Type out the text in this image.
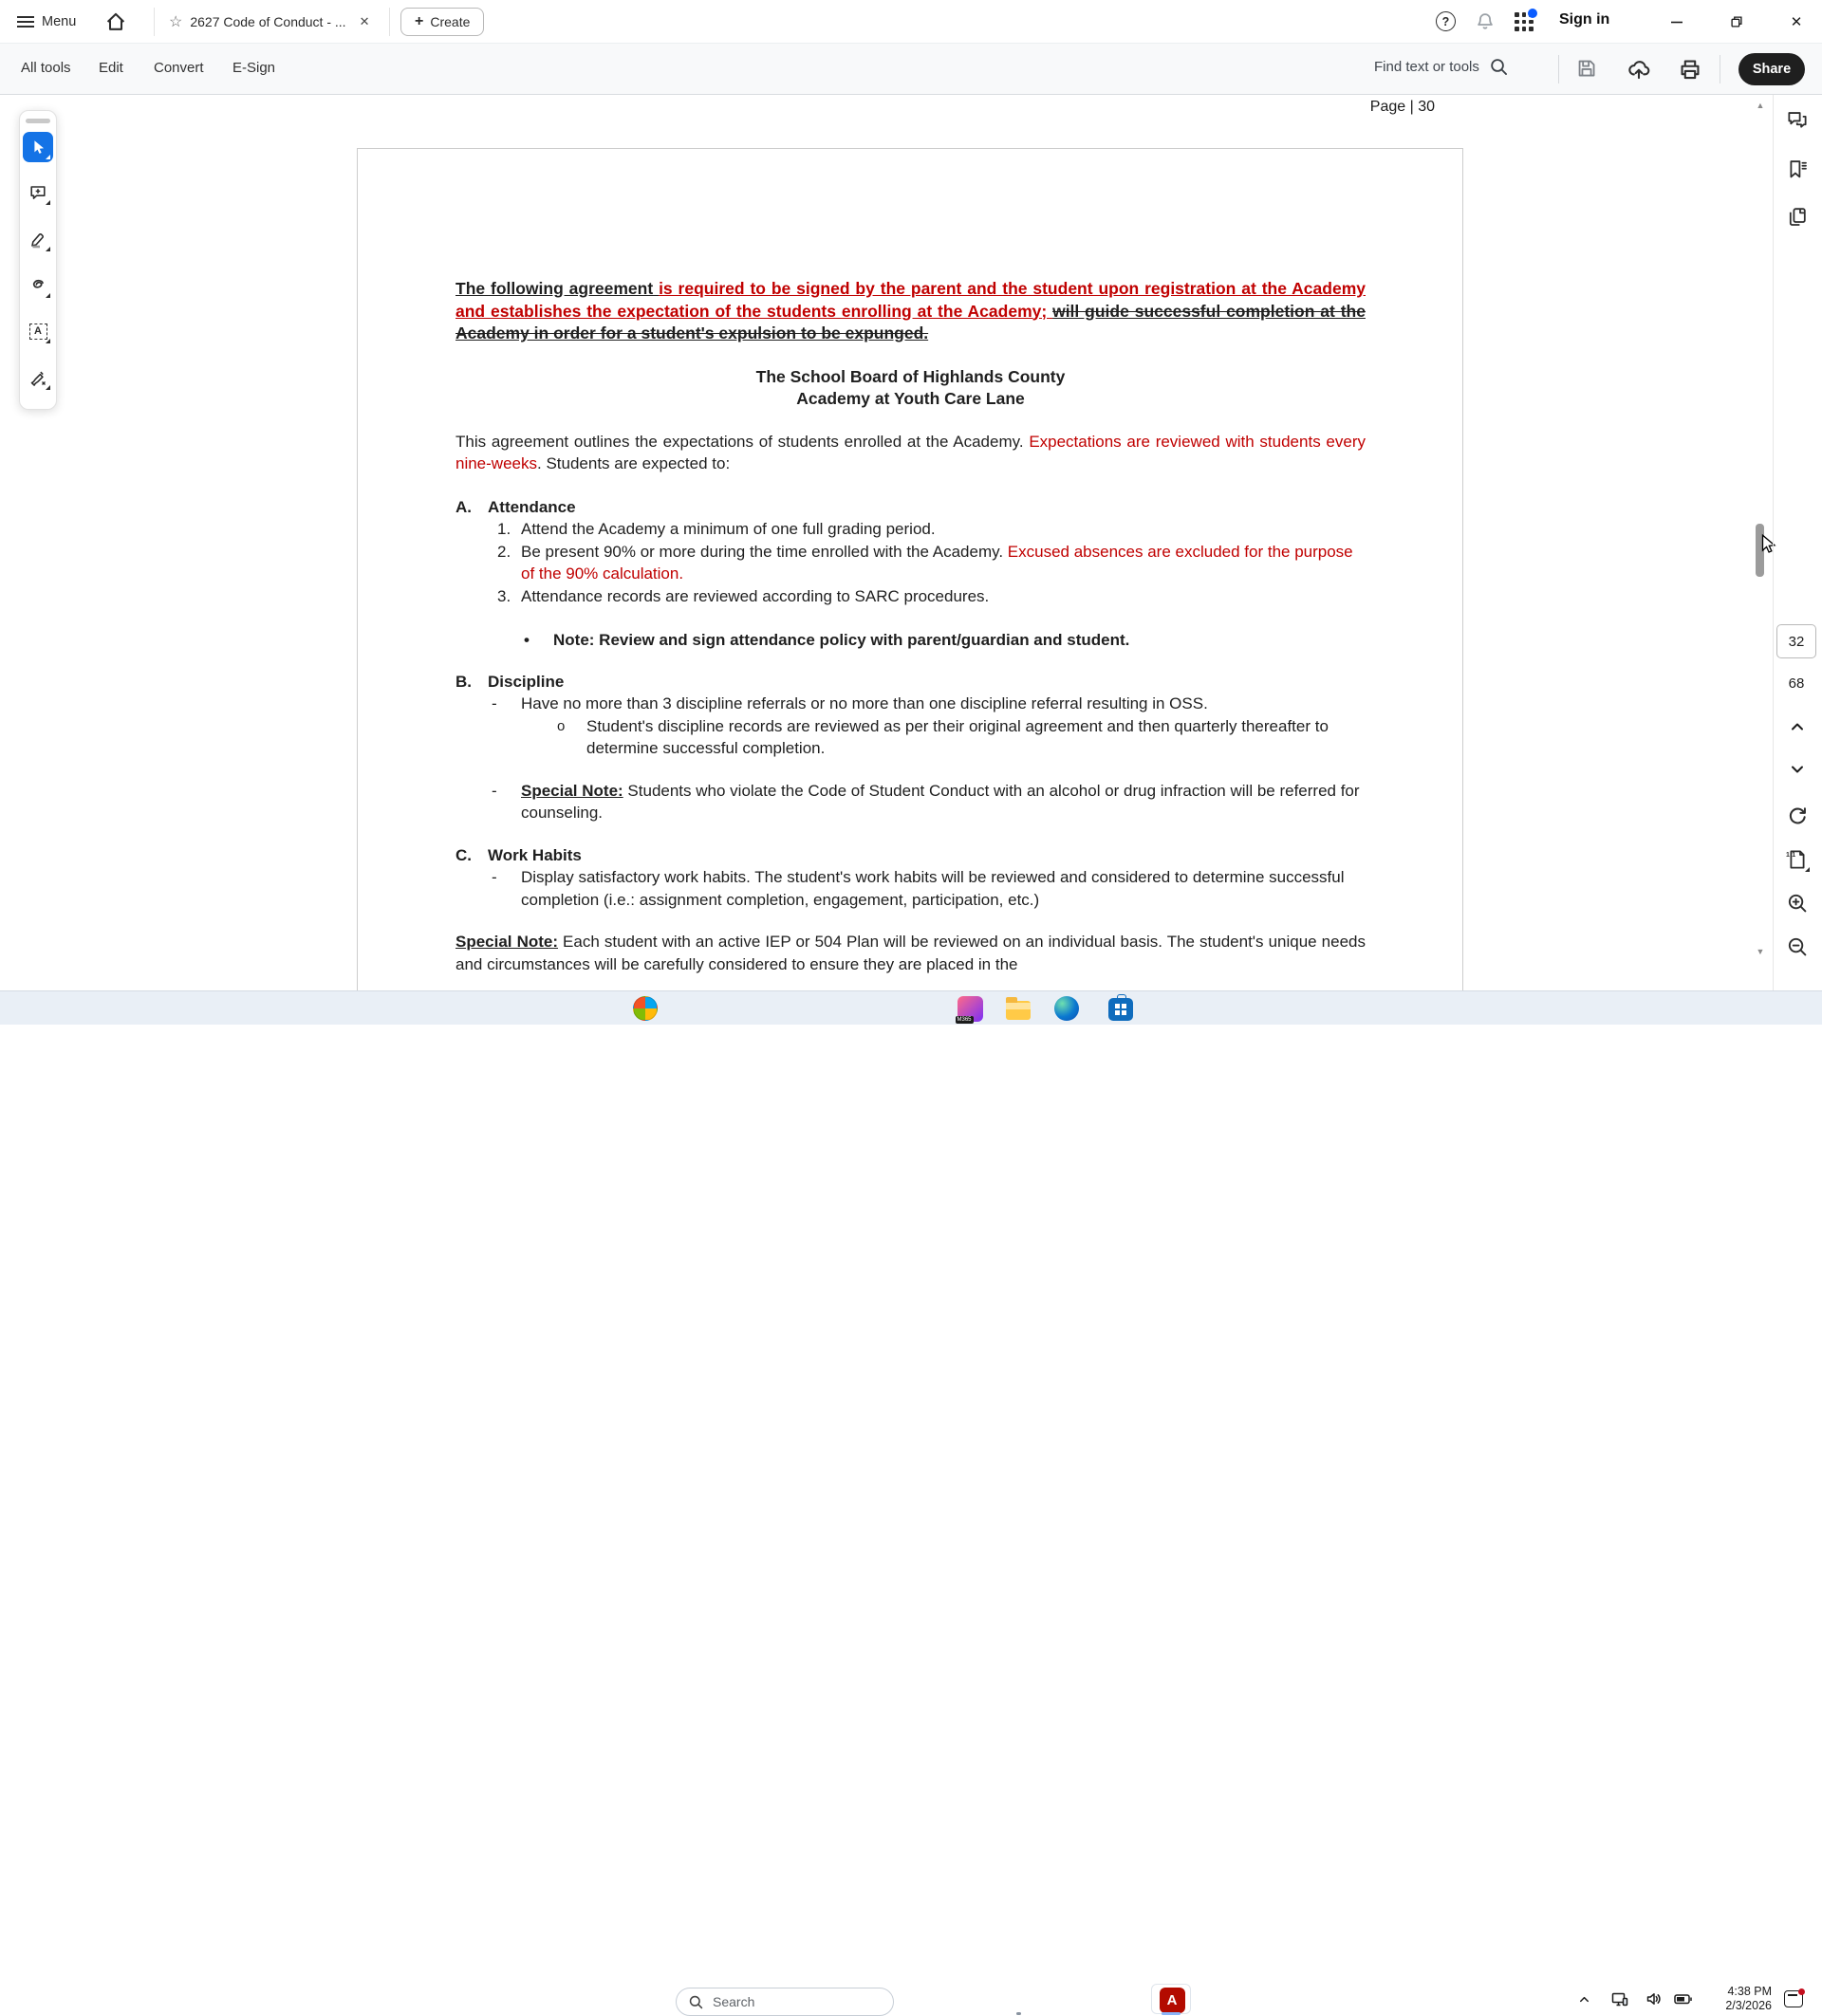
Menu	☆ 2627 Code of Conduct - ... ✕	+ Create	?	Sign in	✕
All tools Edit Convert E-Sign	Find text or tools	Share
A
Page | 30

The following agreement is required to be signed by the parent and the student upon registration at the Academy and establishes the expectation of the students enrolling at the Academy; will guide successful completion at the Academy in order for a student's expulsion to be expunged.

The School Board of Highlands County
Academy at Youth Care Lane

This agreement outlines the expectations of students enrolled at the Academy. Expectations are reviewed with students every nine-weeks. Students are expected to:

A. Attendance
1. Attend the Academy a minimum of one full grading period.
2. Be present 90% or more during the time enrolled with the Academy. Excused absences are excluded for the purpose of the 90% calculation.
3. Attendance records are reviewed according to SARC procedures.
• Note: Review and sign attendance policy with parent/guardian and student.
B. Discipline
- Have no more than 3 discipline referrals or no more than one discipline referral resulting in OSS.
o Student's discipline records are reviewed as per their original agreement and then quarterly thereafter to determine successful completion.
- Special Note: Students who violate the Code of Student Conduct with an alcohol or drug infraction will be referred for counseling.
C. Work Habits
- Display satisfactory work habits. The student's work habits will be reviewed and considered to determine successful completion (i.e.: assignment completion, engagement, participation, etc.)

Special Note: Each student with an active IEP or 504 Plan will be reviewed on an individual basis. The student's unique needs and circumstances will be carefully considered to ensure they are placed in the

▲
▼
32
68
1:1
Search
M365
A
4:38 PM
2/3/2026
